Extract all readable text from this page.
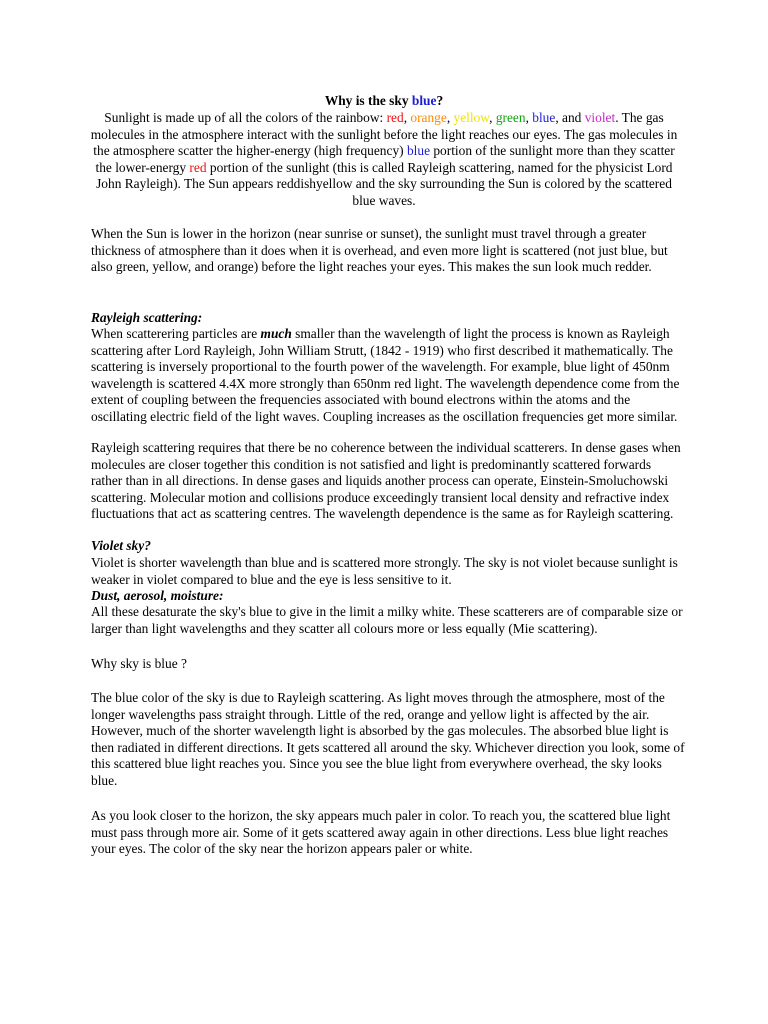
Why is the sky blue?
Sunlight is made up of all the colors of the rainbow: red, orange, yellow, green, blue, and violet. The gas molecules in the atmosphere interact with the sunlight before the light reaches our eyes. The gas molecules in the atmosphere scatter the higher-energy (high frequency) blue portion of the sunlight more than they scatter the lower-energy red portion of the sunlight (this is called Rayleigh scattering, named for the physicist Lord John Rayleigh). The Sun appears reddishyellow and the sky surrounding the Sun is colored by the scattered blue waves.

When the Sun is lower in the horizon (near sunrise or sunset), the sunlight must travel through a greater thickness of atmosphere than it does when it is overhead, and even more light is scattered (not just blue, but also green, yellow, and orange) before the light reaches your eyes. This makes the sun look much redder.

Rayleigh scattering:

When scatterering particles are much smaller than the wavelength of light the process is known as Rayleigh scattering after Lord Rayleigh, John William Strutt, (1842 - 1919) who first described it mathematically. The scattering is inversely proportional to the fourth power of the wavelength. For example, blue light of 450nm wavelength is scattered 4.4X more strongly than 650nm red light. The wavelength dependence come from the extent of coupling between the frequencies associated with bound electrons within the atoms and the oscillating electric field of the light waves. Coupling increases as the oscillation frequencies get more similar.

Rayleigh scattering requires that there be no coherence between the individual scatterers. In dense gases when molecules are closer together this condition is not satisfied and light is predominantly scattered forwards rather than in all directions. In dense gases and liquids another process can operate, Einstein-Smoluchowski scattering. Molecular motion and collisions produce exceedingly transient local density and refractive index fluctuations that act as scattering centres. The wavelength dependence is the same as for Rayleigh scattering.

Violet sky?

Violet is shorter wavelength than blue and is scattered more strongly. The sky is not violet because sunlight is weaker in violet compared to blue and the eye is less sensitive to it.

Dust, aerosol, moisture:

All these desaturate the sky's blue to give in the limit a milky white. These scatterers are of comparable size or larger than light wavelengths and they scatter all colours more or less equally (Mie scattering).

Why sky is blue ?

The blue color of the sky is due to Rayleigh scattering. As light moves through the atmosphere, most of the longer wavelengths pass straight through. Little of the red, orange and yellow light is affected by the air. However, much of the shorter wavelength light is absorbed by the gas molecules. The absorbed blue light is then radiated in different directions. It gets scattered all around the sky. Whichever direction you look, some of this scattered blue light reaches you. Since you see the blue light from everywhere overhead, the sky looks blue.

As you look closer to the horizon, the sky appears much paler in color. To reach you, the scattered blue light must pass through more air. Some of it gets scattered away again in other directions. Less blue light reaches your eyes. The color of the sky near the horizon appears paler or white.
